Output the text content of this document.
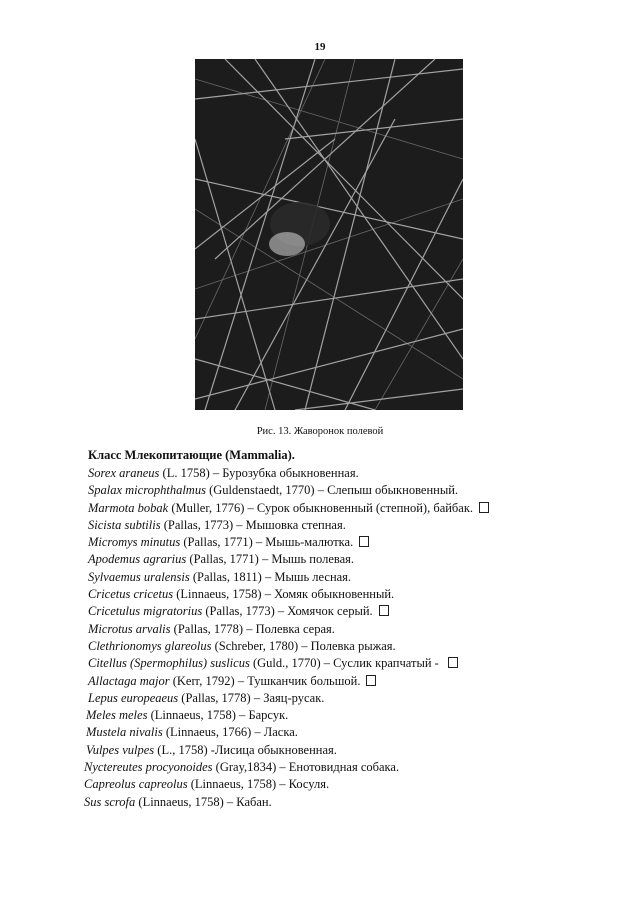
19
Рис. 13. Жаворонок полевой
Класс Млекопитающие (Mammalia).
Sorex araneus (L. 1758) – Бурозубка обыкновенная.
Spalax microphthalmus (Guldenstaedt, 1770) – Слепыш обыкновенный.
Marmota bobak (Muller, 1776) – Сурок обыкновенный (степной), байбак.
Sicista subtilis (Pallas, 1773) – Мышовка степная.
Micromys minutus (Pallas, 1771) – Мышь-малютка.
Apodemus agrarius (Pallas, 1771) – Мышь полевая.
Sylvaemus uralensis (Pallas, 1811) – Мышь лесная.
Cricetus cricetus (Linnaeus, 1758) – Хомяк обыкновенный.
Cricetulus migratorius (Pallas, 1773) – Хомячок серый.
Microtus arvalis (Pallas, 1778) – Полевка серая.
Clethrionomys glareolus (Schreber, 1780) – Полевка рыжая.
Citellus (Spermophilus) suslicus (Guld., 1770) – Суслик крапчатый -
Allactaga major (Kerr, 1792) – Тушканчик большой.
Lepus europeaeus (Pallas, 1778) – Заяц-русак.
Meles meles (Linnaeus, 1758) – Барсук.
Mustela nivalis (Linnaeus, 1766) – Ласка.
Vulpes vulpes (L., 1758) -Лисица обыкновенная.
Nyctereutes procyonoides (Gray,1834) – Енотовидная собака.
Capreolus capreolus (Linnaeus, 1758) – Косуля.
Sus scrofa (Linnaeus, 1758) – Кабан.
